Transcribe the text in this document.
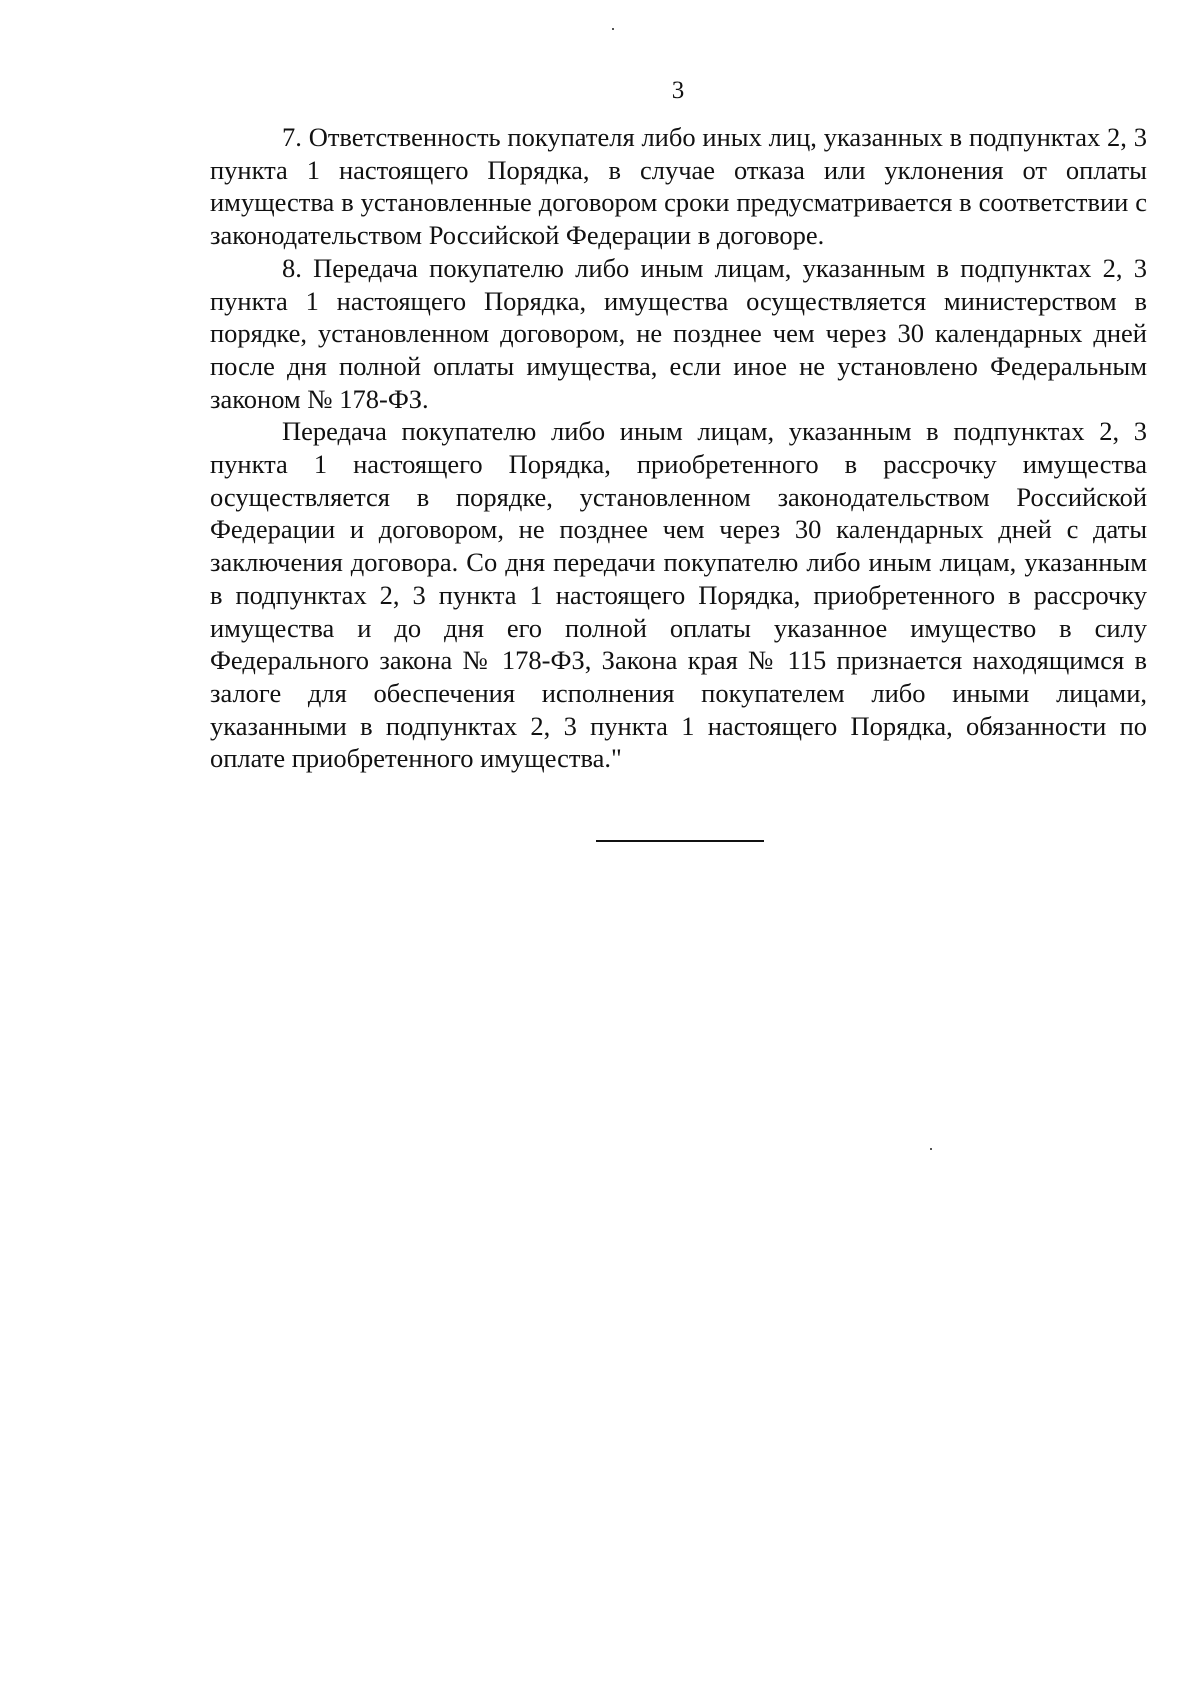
3

7. Ответственность покупателя либо иных лиц, указанных в подпунктах 2, 3 пункта 1 настоящего Порядка, в случае отказа или уклонения от оплаты имущества в установленные договором сроки предусматривается в соответствии с законодательством Российской Федерации в договоре.

8. Передача покупателю либо иным лицам, указанным в подпунктах 2, 3 пункта 1 настоящего Порядка, имущества осуществляется министерством в порядке, установленном договором, не позднее чем через 30 календарных дней после дня полной оплаты имущества, если иное не установлено Федеральным законом № 178-ФЗ.

Передача покупателю либо иным лицам, указанным в подпунктах 2, 3 пункта 1 настоящего Порядка, приобретенного в рассрочку имущества осуществляется в порядке, установленном законодательством Российской Федерации и договором, не позднее чем через 30 календарных дней с даты заключения договора. Со дня передачи покупателю либо иным лицам, указанным в подпунктах 2, 3 пункта 1 настоящего Порядка, приобретенного в рассрочку имущества и до дня его полной оплаты указанное имущество в силу Федерального закона № 178-ФЗ, Закона края № 115 признается находящимся в залоге для обеспечения исполнения покупателем либо иными лицами, указанными в подпунктах 2, 3 пункта 1 настоящего Порядка, обязанности по оплате приобретенного имущества."
